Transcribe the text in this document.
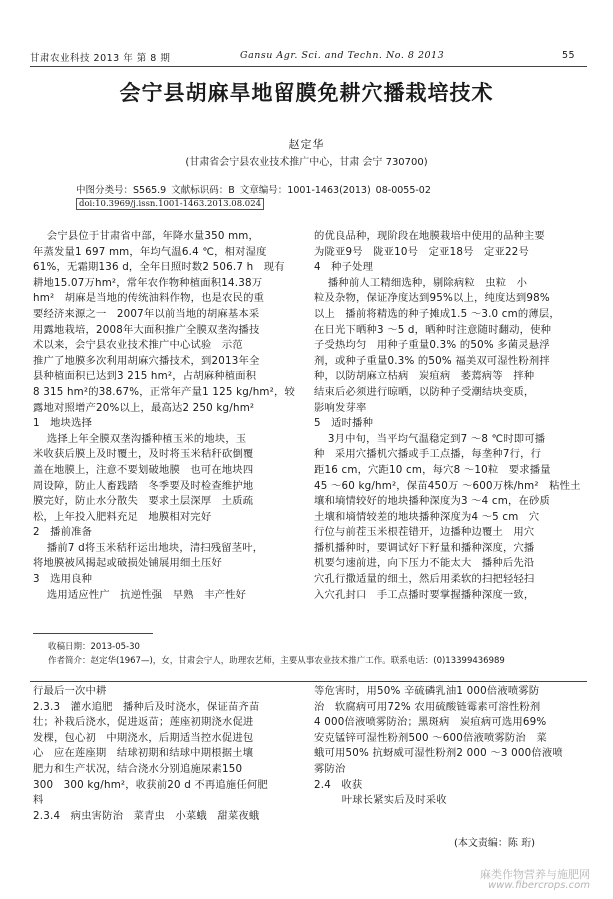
甘肃农业科技 2013 年 第 8 期	Gansu Agr. Sci. and Techn. No. 8 2013	55
会宁县胡麻旱地留膜免耕穴播栽培技术
赵定华
(甘肃省会宁县农业技术推广中心，甘肃 会宁 730700)
中图分类号：S565.9 文献标识码：B 文章编号：1001-1463(2013) 08-0055-02
doi:10.3969/j.issn.1001-1463.2013.08.024

会宁县位于甘肃省中部，年降水量350 mm，

年蒸发量1 697 mm，年均气温6.4 ℃，相对湿度

61%，无霜期136 d，全年日照时数2 506.7 h   现有

耕地15.07万hm²，常年农作物种植面积14.38万

hm²   胡麻是当地的传统油料作物，也是农民的重

要经济来源之一   2007年以前当地的胡麻基本采

用露地栽培，2008年大面积推广全膜双垄沟播技

术以来，会宁县农业技术推广中心试验   示范

推广了地膜多次利用胡麻穴播技术，到2013年全

县种植面积已达到3 215 hm²，占胡麻种植面积

8 315 hm²的38.67%，正常年产量1 125 kg/hm²，较

露地对照增产20%以上，最高达2 250 kg/hm²

1   地块选择

选择上年全膜双垄沟播种植玉米的地块，玉

米收获后膜上及时覆土，及时将玉米秸秆砍倒覆

盖在地膜上，注意不要划破地膜   也可在地块四

周设障，防止人畜践踏   冬季要及时检查维护地

膜完好，防止水分散失   要求土层深厚   土质疏

松，上年投入肥料充足   地膜相对完好

2   播前准备

播前7 d将玉米秸秆运出地块，清扫残留茎叶，

将地膜被风揭起或破损处铺展用细土压好

3   选用良种

选用适应性广   抗逆性强   早熟   丰产性好

的优良品种，现阶段在地膜栽培中使用的品种主要

为陇亚9号   陇亚10号   定亚18号   定亚22号

4   种子处理

播种前人工精细选种，剔除病粒   虫粒   小

粒及杂物，保证净度达到95%以上，纯度达到98%

以上   播前将精选的种子摊成1.5 ～3.0 cm的薄层，

在日光下晒种3 ～5 d，晒种时注意随时翻动，使种

子受热均匀   用种子重量0.3% 的50% 多菌灵悬浮

剂，或种子重量0.3% 的50% 福美双可湿性粉剂拌

种，以防胡麻立枯病   炭疽病   萎蔫病等   拌种

结束后必须进行晾晒，以防种子受潮结块变质，

影响发芽率

5   适时播种

3月中旬，当平均气温稳定到7 ～8 ℃时即可播

种   采用穴播机穴播或手工点播，每垄种7行，行

距16 cm，穴距10 cm，每穴8 ～10粒   要求播量

45 ～60 kg/hm²，保苗450万 ～600万株/hm²   粘性土

壤和墒情较好的地块播种深度为3 ～4 cm，在砂质

土壤和墒情较差的地块播种深度为4 ～5 cm   穴

行位与前茬玉米根茬错开，边播种边覆土   用穴

播机播种时，要调试好下籽量和播种深度，穴播

机要匀速前进，向下压力不能太大   播种后先沿

穴孔行撒适量的细土，然后用柔软的扫把轻轻扫

入穴孔封口   手工点播时要掌握播种深度一致，

收稿日期：2013-05-30

作者简介：赵定华(1967—)，女，甘肃会宁人，助理农艺师，主要从事农业技术推广工作。联系电话：(0)13399436989

行最后一次中耕

2.3.3   灌水追肥   播种后及时浇水，保证苗齐苗

壮；补栽后浇水，促进返苗；莲座初期浇水促进

发棵，包心初   中期浇水，后期适当控水促进包

心   应在莲座期   结球初期和结球中期根据土壤

肥力和生产状况，结合浇水分别追施尿素150

300   300 kg/hm²，收获前20 d 不再追施任何肥

料

2.3.4   病虫害防治   菜青虫   小菜蛾   甜菜夜蛾

等危害时，用50% 辛硫磷乳油1 000倍液喷雾防

治   软腐病可用72% 农用硫酸链霉素可溶性粉剂

4 000倍液喷雾防治；黑斑病   炭疽病可选用69%

安克锰锌可湿性粉剂500 ～600倍液喷雾防治   菜

蛾可用50% 抗蚜威可湿性粉剂2 000 ～3 000倍液喷

雾防治

2.4   收获

叶球长紧实后及时采收

(本文责编：陈 珩)
麻类作物营养与施肥网
www.fibercrops.com
